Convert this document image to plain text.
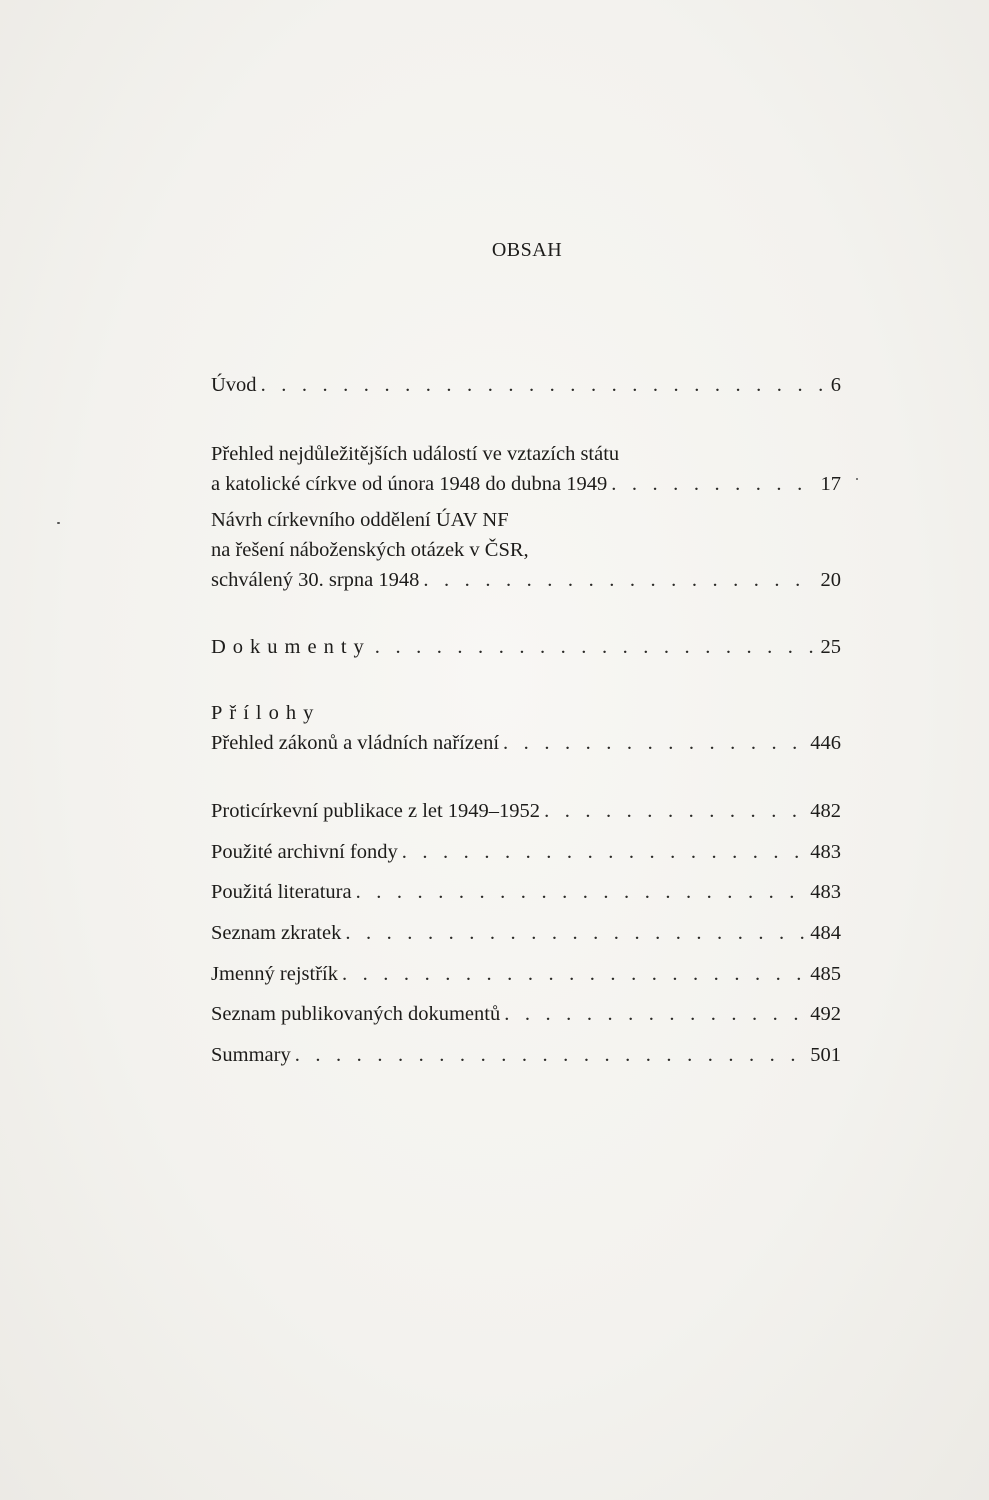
OBSAH
Úvod . . .	6
Přehled nejdůležitějších událostí ve vztazích státu
a katolické církve od února 1948 do dubna 1949 . . .	17
Návrh církevního oddělení ÚAV NF
na řešení náboženských otázek v ČSR,
schválený 30. srpna 1948 . . .	20
Dokumenty . . .	25
Přílohy
Přehled zákonů a vládních nařízení . . .	446
Proticírkevní publikace z let 1949–1952 . . .	482
Použité archivní fondy . . .	483
Použitá literatura . . .	483
Seznam zkratek . . .	484
Jmenný rejstřík . . .	485
Seznam publikovaných dokumentů . . .	492
Summary . . .	501
